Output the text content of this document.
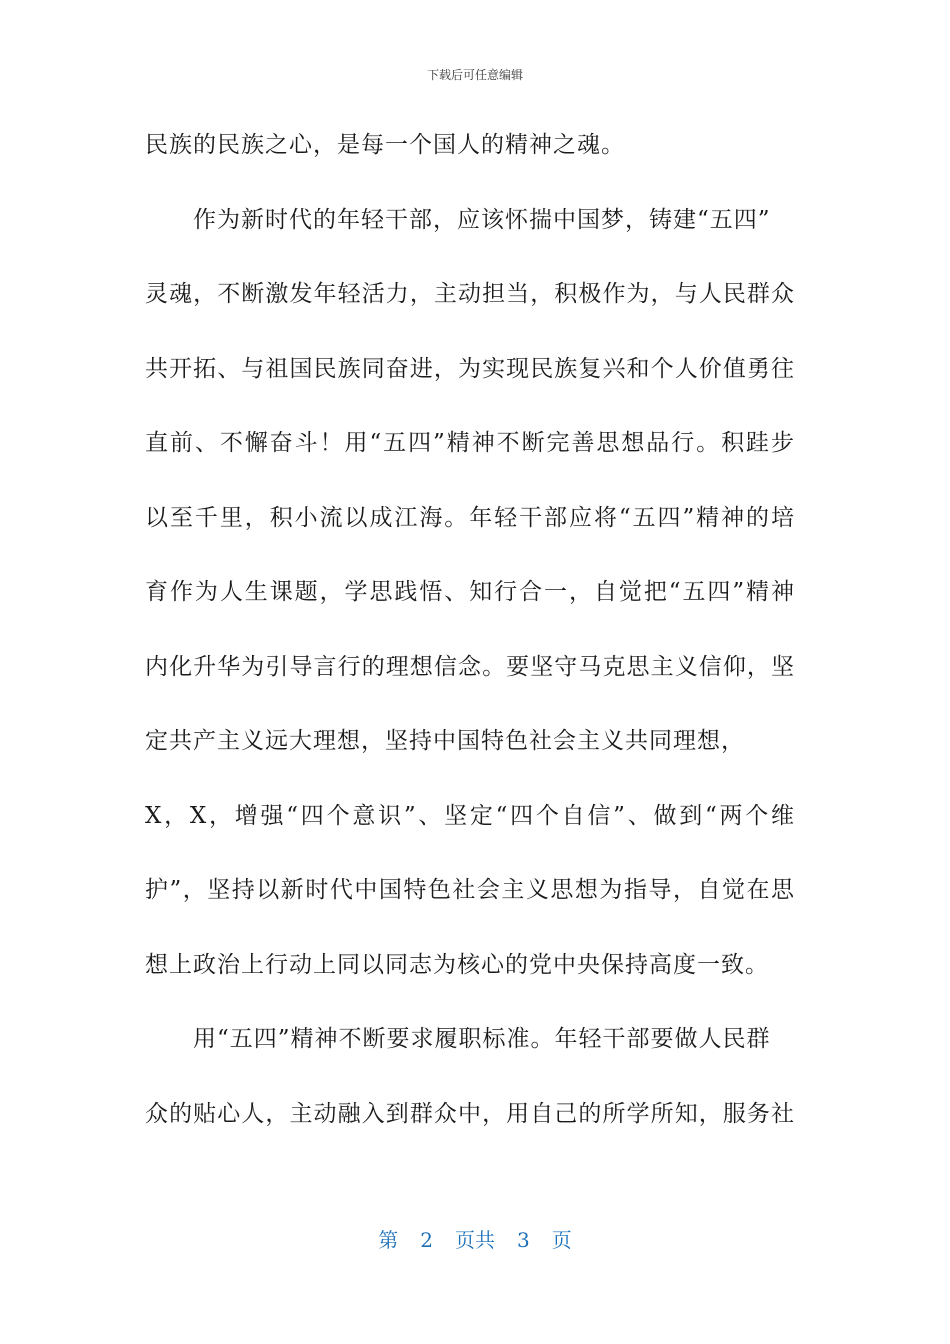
下载后可任意编辑
民族的民族之心，是每一个国人的精神之魂。
作为新时代的年轻干部，应该怀揣中国梦，铸建“五四”
灵魂，不断激发年轻活力，主动担当，积极作为，与人民群众
共开拓、与祖国民族同奋进，为实现民族复兴和个人价值勇往
直前、不懈奋斗！用“五四”精神不断完善思想品行。积跬步
以至千里，积小流以成江海。年轻干部应将“五四”精神的培
育作为人生课题，学思践悟、知行合一，自觉把“五四”精神
内化升华为引导言行的理想信念。要坚守马克思主义信仰，坚
定共产主义远大理想，坚持中国特色社会主义共同理想，
X，X，增强“四个意识”、坚定“四个自信”、做到“两个维
护”，坚持以新时代中国特色社会主义思想为指导，自觉在思
想上政治上行动上同以同志为核心的党中央保持高度一致。
用“五四”精神不断要求履职标准。年轻干部要做人民群
众的贴心人，主动融入到群众中，用自己的所学所知，服务社
第 2 页共 3 页
